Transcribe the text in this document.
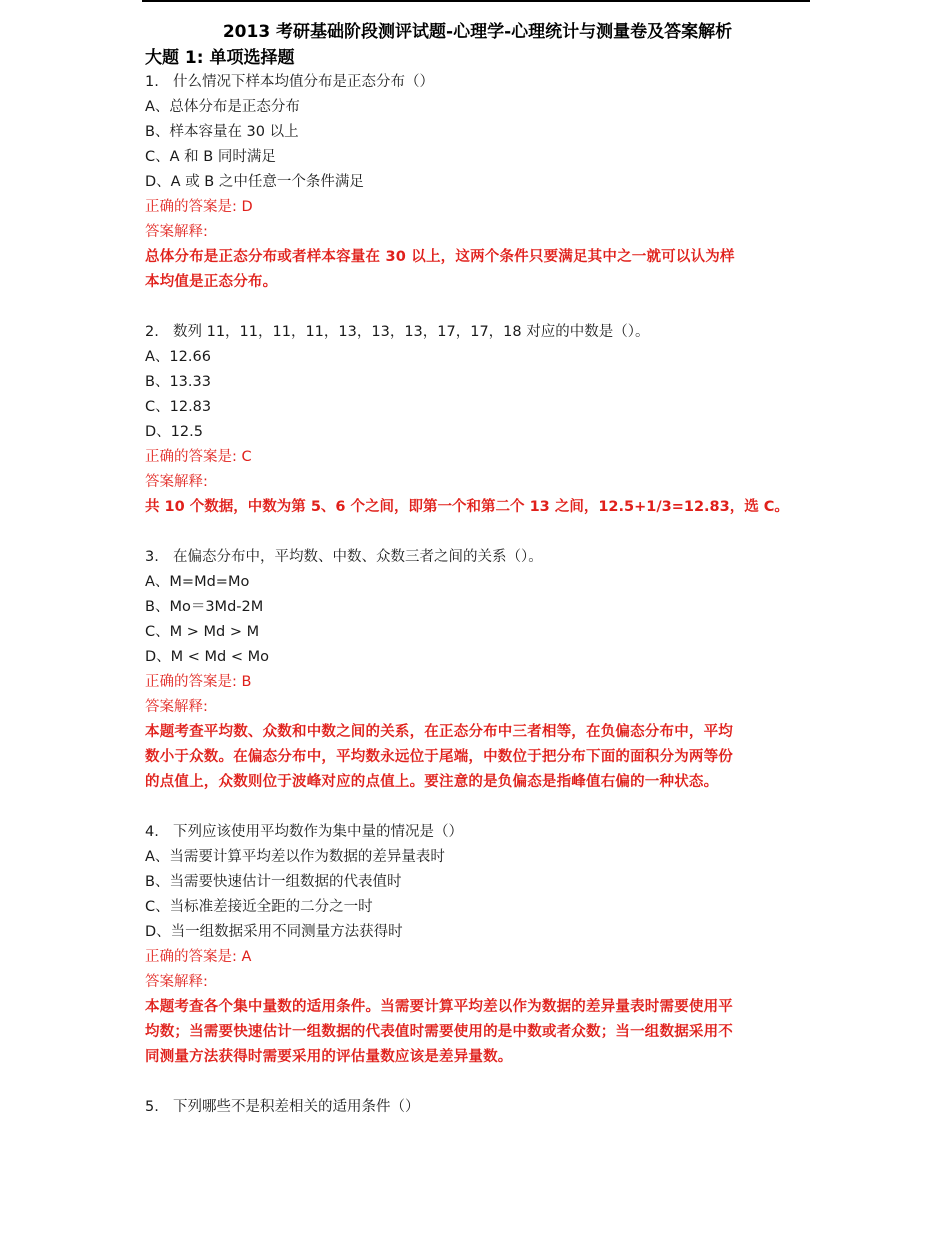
2013 考研基础阶段测评试题-心理学-心理统计与测量卷及答案解析
大题 1: 单项选择题
1. 什么情况下样本均值分布是正态分布（）
A、总体分布是正态分布
B、样本容量在 30 以上
C、A 和 B 同时满足
D、A 或 B 之中任意一个条件满足
正确的答案是: D
答案解释:
总体分布是正态分布或者样本容量在 30 以上，这两个条件只要满足其中之一就可以认为样
本均值是正态分布。
2. 数列 11，11，11，11，13，13，13，17，17，18 对应的中数是（）。
A、12.66
B、13.33
C、12.83
D、12.5
正确的答案是: C
答案解释:
共 10 个数据，中数为第 5、6 个之间，即第一个和第二个 13 之间，12.5+1/3=12.83，选 C。
3. 在偏态分布中，平均数、中数、众数三者之间的关系（）。
A、M=Md=Mo
B、Mo＝3Md-2M
C、M > Md > M
D、M < Md < Mo
正确的答案是: B
答案解释:
本题考查平均数、众数和中数之间的关系，在正态分布中三者相等，在负偏态分布中，平均
数小于众数。在偏态分布中，平均数永远位于尾端，中数位于把分布下面的面积分为两等份
的点值上，众数则位于波峰对应的点值上。要注意的是负偏态是指峰值右偏的一种状态。
4. 下列应该使用平均数作为集中量的情况是（）
A、当需要计算平均差以作为数据的差异量表时
B、当需要快速估计一组数据的代表值时
C、当标准差接近全距的二分之一时
D、当一组数据采用不同测量方法获得时
正确的答案是: A
答案解释:
本题考查各个集中量数的适用条件。当需要计算平均差以作为数据的差异量表时需要使用平
均数；当需要快速估计一组数据的代表值时需要使用的是中数或者众数；当一组数据采用不
同测量方法获得时需要采用的评估量数应该是差异量数。
5. 下列哪些不是积差相关的适用条件（）
